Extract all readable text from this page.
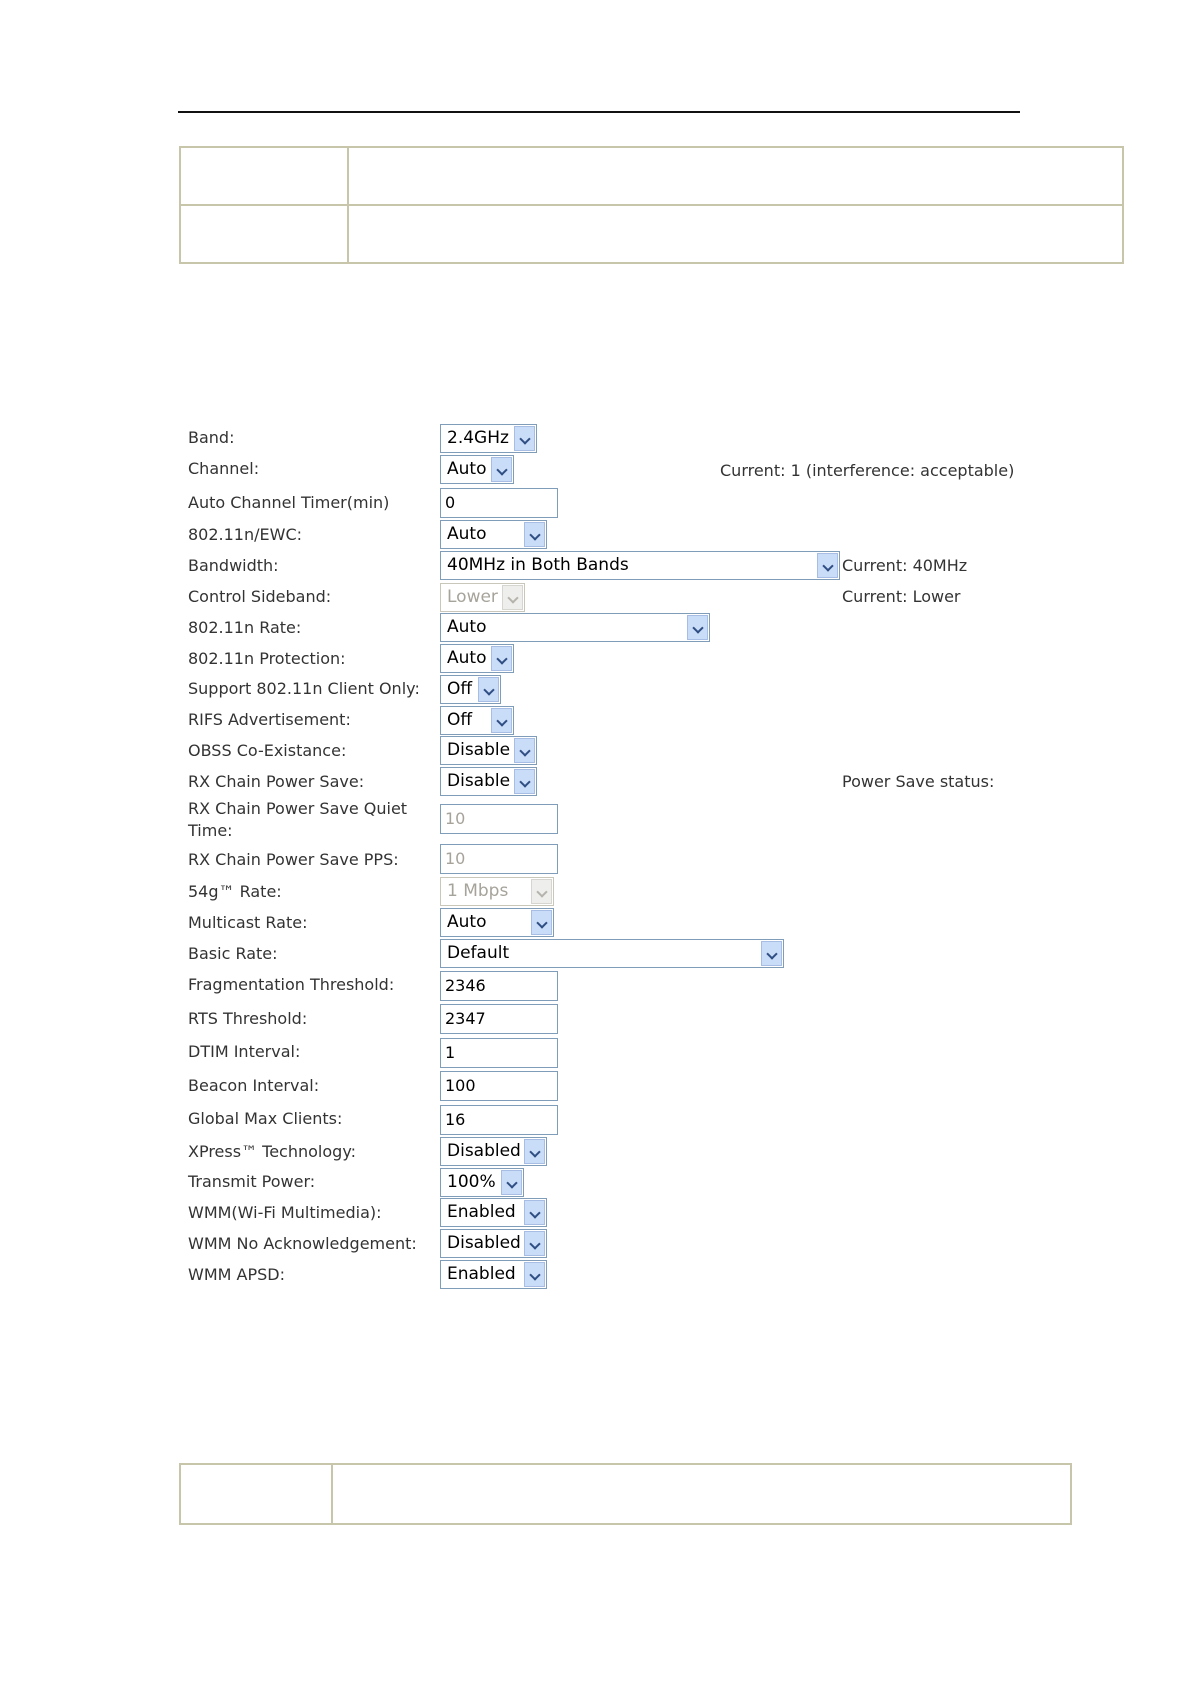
Band:	2.4GHz
Channel:	Auto	Current: 1 (interference: acceptable)
Auto Channel Timer(min)	0
802.11n/EWC:	Auto
Bandwidth:	40MHz in Both Bands	Current: 40MHz
Control Sideband:	Lower	Current: Lower
802.11n Rate:	Auto
802.11n Protection:	Auto
Support 802.11n Client Only: Off
RIFS Advertisement:	Off
OBSS Co-Existance:	Disable
RX Chain Power Save:	Disable	Power Save status:
RX Chain Power Save Quiet Time:
10
RX Chain Power Save PPS:	10
54g™ Rate:	1 Mbps
Multicast Rate:	Auto
Basic Rate:	Default
Fragmentation Threshold:	2346
RTS Threshold:	2347
DTIM Interval:	1
Beacon Interval:	100
Global Max Clients:	16
XPress™ Technology:	Disabled
Transmit Power:	100%
WMM(Wi-Fi Multimedia):	Enabled
WMM No Acknowledgement: Disabled
WMM APSD:	Enabled
